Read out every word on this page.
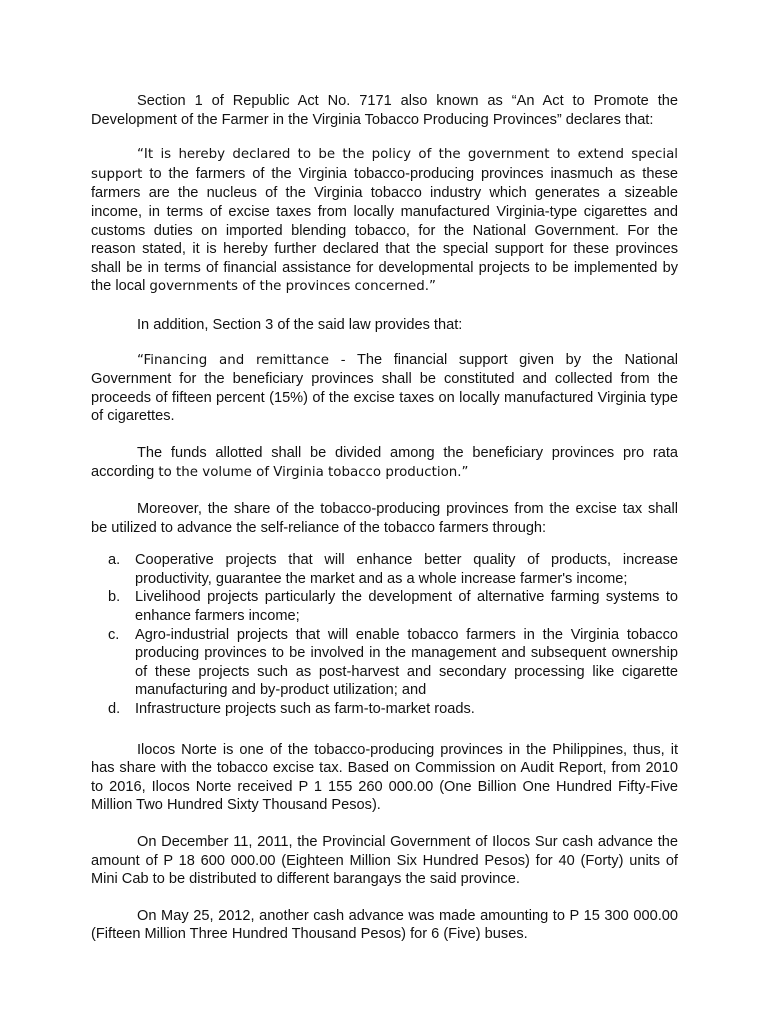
Section 1 of Republic Act No. 7171 also known as “An Act to Promote the Development of the Farmer in the Virginia Tobacco Producing Provinces” declares that:

“It is hereby declared to be the policy of the government to extend special support to the farmers of the Virginia tobacco-producing provinces inasmuch as these farmers are the nucleus of the Virginia tobacco industry which generates a sizeable income, in terms of excise taxes from locally manufactured Virginia-type cigarettes and customs duties on imported blending tobacco, for the National Government. For the reason stated, it is hereby further declared that the special support for these provinces shall be in terms of financial assistance for developmental projects to be implemented by the local governments of the provinces concerned.”

In addition, Section 3 of the said law provides that:

“Financing and remittance - The financial support given by the National Government for the beneficiary provinces shall be constituted and collected from the proceeds of fifteen percent (15%) of the excise taxes on locally manufactured Virginia type of cigarettes.

The funds allotted shall be divided among the beneficiary provinces pro rata according to the volume of Virginia tobacco production.”

Moreover, the share of the tobacco-producing provinces from the excise tax shall be utilized to advance the self-reliance of the tobacco farmers through:

a. Cooperative projects that will enhance better quality of products, increase productivity, guarantee the market and as a whole increase farmer's income;
b. Livelihood projects particularly the development of alternative farming systems to enhance farmers income;
c. Agro-industrial projects that will enable tobacco farmers in the Virginia tobacco producing provinces to be involved in the management and subsequent ownership of these projects such as post-harvest and secondary processing like cigarette manufacturing and by-product utilization; and
d. Infrastructure projects such as farm-to-market roads.

Ilocos Norte is one of the tobacco-producing provinces in the Philippines, thus, it has share with the tobacco excise tax. Based on Commission on Audit Report, from 2010 to 2016, Ilocos Norte received P 1 155 260 000.00 (One Billion One Hundred Fifty-Five Million Two Hundred Sixty Thousand Pesos).

On December 11, 2011, the Provincial Government of Ilocos Sur cash advance the amount of P 18 600 000.00 (Eighteen Million Six Hundred Pesos) for 40 (Forty) units of Mini Cab to be distributed to different barangays the said province.

On May 25, 2012, another cash advance was made amounting to P 15 300 000.00 (Fifteen Million Three Hundred Thousand Pesos) for 6 (Five) buses.
